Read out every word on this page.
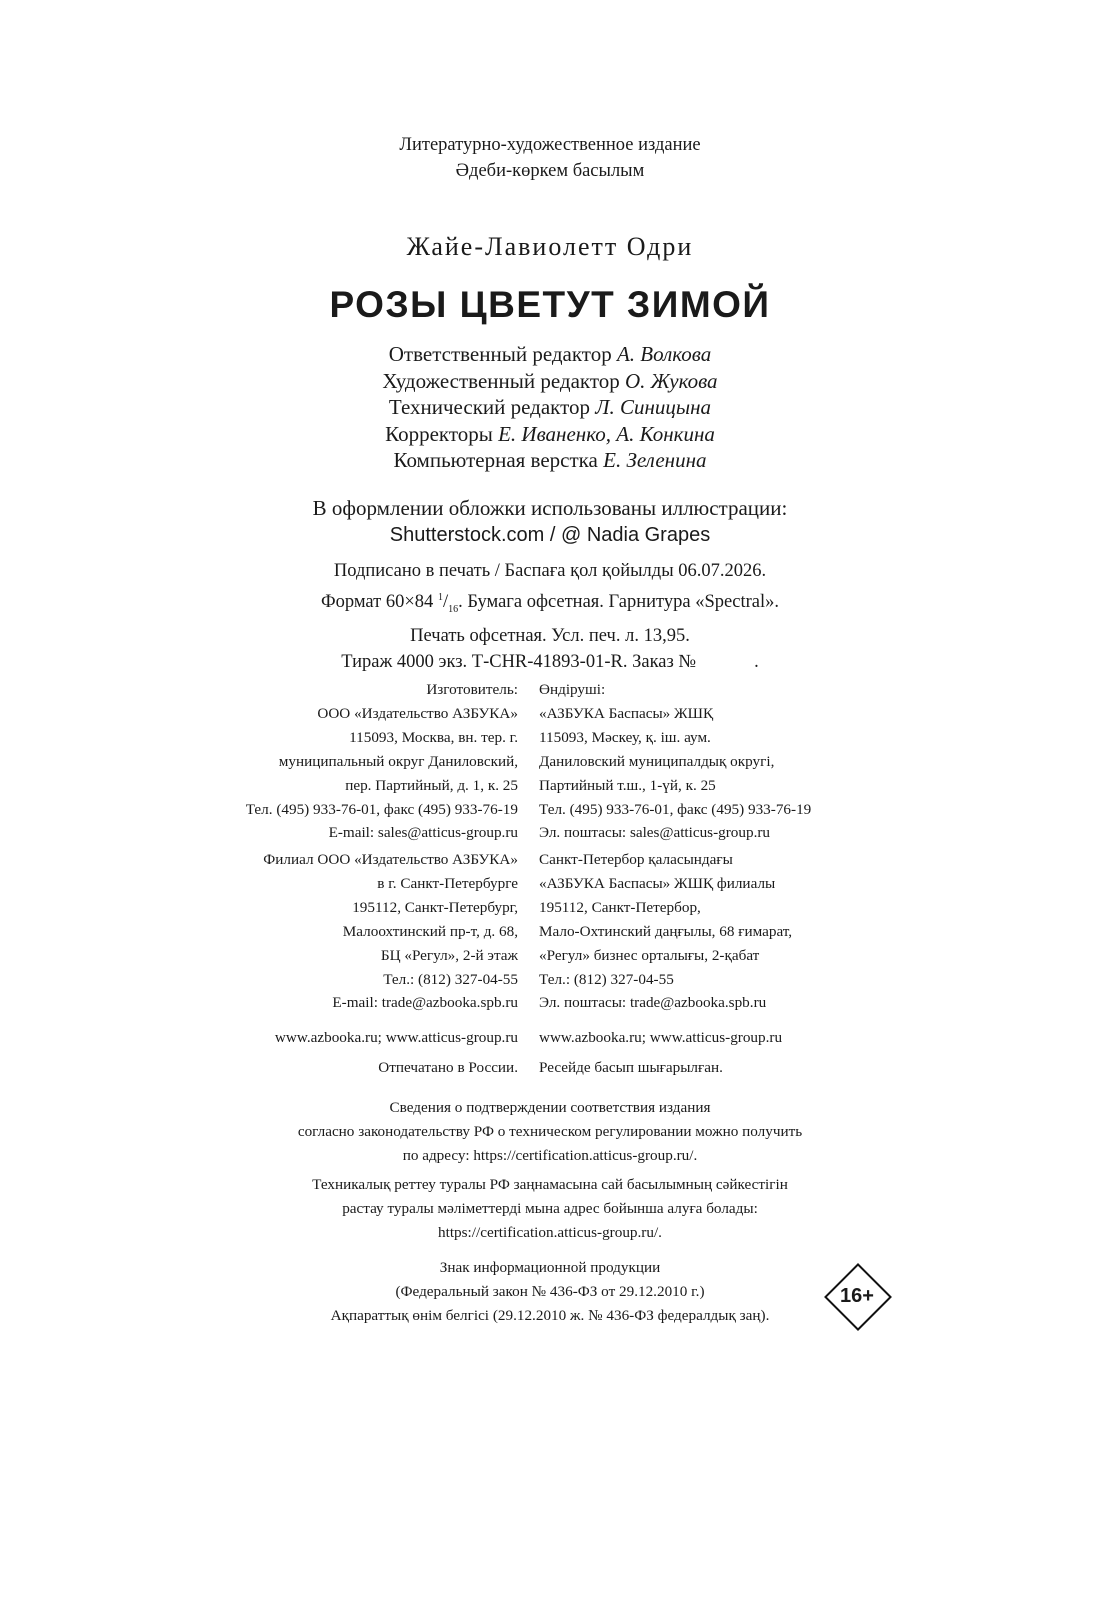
Литературно-художественное издание
Әдеби-көркем басылым
Жайе-Лавиолетт Одри
РОЗЫ ЦВЕТУТ ЗИМОЙ
Ответственный редактор А. Волкова
Художественный редактор О. Жукова
Технический редактор Л. Синицына
Корректоры Е. Иваненко, А. Конкина
Компьютерная верстка Е. Зеленина
В оформлении обложки использованы иллюстрации:
Shutterstock.com / @ Nadia Grapes
Подписано в печать / Баспаға қол қойылды 06.07.2026.
Формат 60×84 $^1/_{16}$. Бумага офсетная. Гарнитура «Spectral».
Печать офсетная. Усл. печ. л. 13,95.
Тираж 4000 экз. Т-CHR-41893-01-R. Заказ №	.
Изготовитель:
ООО «Издательство АЗБУКА»
115093, Москва, вн. тер. г.
муниципальный округ Даниловский,
пер. Партийный, д. 1, к. 25
Тел. (495) 933-76-01, факс (495) 933-76-19
E-mail: sales@atticus-group.ru
Өндіруші:
«АЗБУКА Баспасы» ЖШҚ
115093, Мәскеу, қ. іш. аум.
Даниловский муниципалдық округі,
Партийный т.ш., 1-үй, к. 25
Тел. (495) 933-76-01, факс (495) 933-76-19
Эл. поштасы: sales@atticus-group.ru
Филиал ООО «Издательство АЗБУКА»
в г. Санкт-Петербурге
195112, Санкт-Петербург,
Малоохтинский пр-т, д. 68,
БЦ «Регул», 2-й этаж
Тел.: (812) 327-04-55
E-mail: trade@azbooka.spb.ru
Санкт-Петербор қаласындағы
«АЗБУКА Баспасы» ЖШҚ филиалы
195112, Санкт-Петербор,
Мало-Охтинский даңғылы, 68 ғимарат,
«Регул» бизнес орталығы, 2-қабат
Тел.: (812) 327-04-55
Эл. поштасы: trade@azbooka.spb.ru
www.azbooka.ru; www.atticus-group.ru www.azbooka.ru; www.atticus-group.ru
Отпечатано в России. Ресейде басып шығарылған.
Сведения о подтверждении соответствия издания
согласно законодательству РФ о техническом регулировании можно получить
по адресу: https://certification.atticus-group.ru/.
Техникалық реттеу туралы РФ заңнамасына сай басылымның сәйкестігін
растау туралы мәліметтерді мына адрес бойынша алуға болады:
https://certification.atticus-group.ru/.
Знак информационной продукции
(Федеральный закон № 436-ФЗ от 29.12.2010 г.)
Ақпараттық өнім белгісі (29.12.2010 ж. № 436-ФЗ федералдық заң).
16+
